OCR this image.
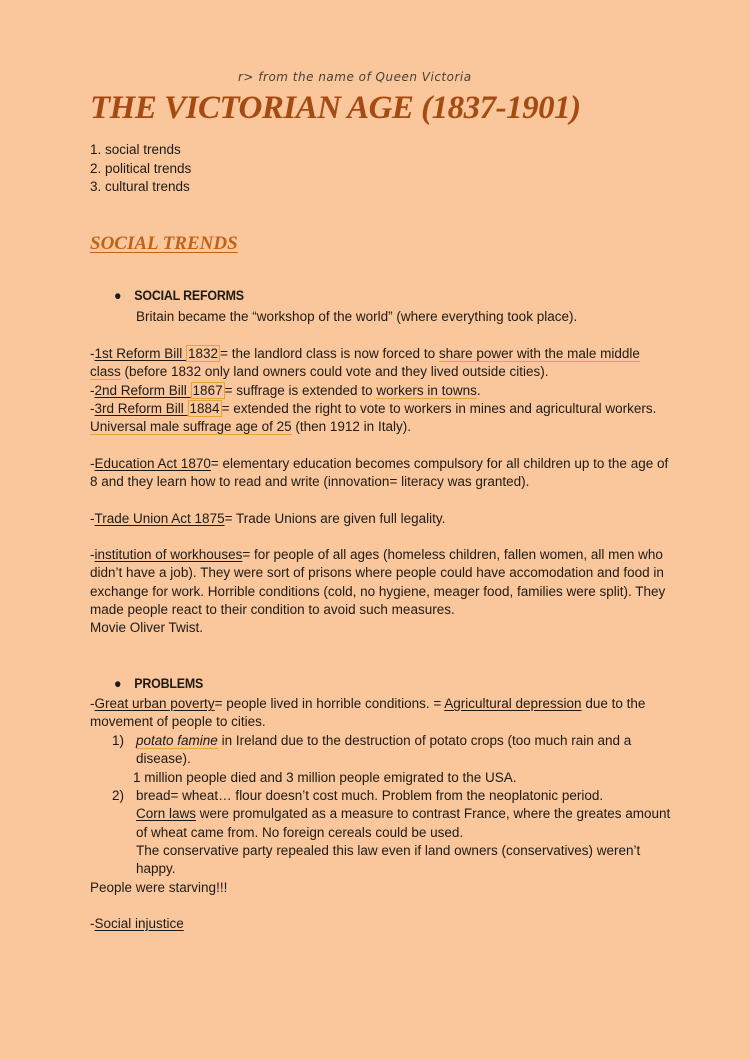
r> from the name of Queen Victoria
THE VICTORIAN AGE (1837-1901)
1. social trends
2. political trends
3. cultural trends
SOCIAL TRENDS
● SOCIAL REFORMS
Britain became the “workshop of the world” (where everything took place).
-1st Reform Bill 1832 = the landlord class is now forced to share power with the male middle class (before 1832 only land owners could vote and they lived outside cities).
-2nd Reform Bill 1867 = suffrage is extended to workers in towns.
-3rd Reform Bill 1884 = extended the right to vote to workers in mines and agricultural workers. Universal male suffrage age of 25 (then 1912 in Italy).
-Education Act 1870= elementary education becomes compulsory for all children up to the age of 8 and they learn how to read and write (innovation= literacy was granted).
-Trade Union Act 1875= Trade Unions are given full legality.
-institution of workhouses= for people of all ages (homeless children, fallen women, all men who didn’t have a job). They were sort of prisons where people could have accomodation and food in exchange for work. Horrible conditions (cold, no hygiene, meager food, families were split). They made people react to their condition to avoid such measures.
Movie Oliver Twist.
● PROBLEMS
-Great urban poverty= people lived in horrible conditions. = Agricultural depression due to the movement of people to cities.
1) potato famine in Ireland due to the destruction of potato crops (too much rain and a disease).
1 million people died and 3 million people emigrated to the USA.
2) bread= wheat… flour doesn’t cost much. Problem from the neoplatonic period.
Corn laws were promulgated as a measure to contrast France, where the greates amount of wheat came from. No foreign cereals could be used.
The conservative party repealed this law even if land owners (conservatives) weren’t happy.
People were starving!!!
-Social injustice
